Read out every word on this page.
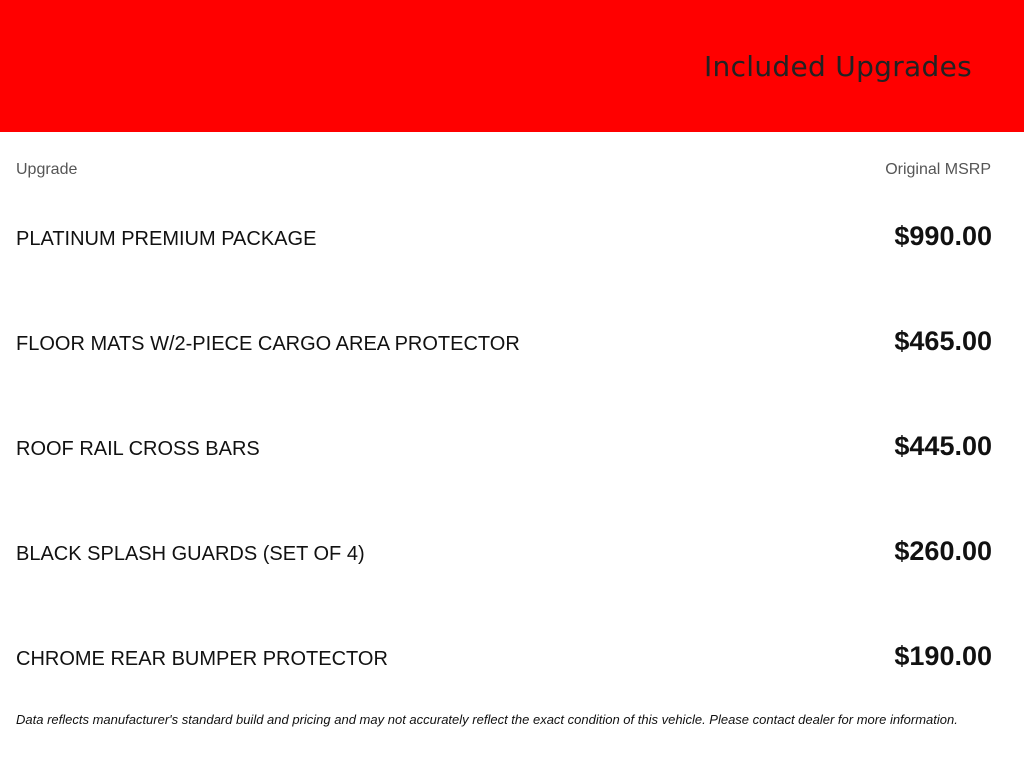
Included Upgrades
Upgrade	Original MSRP
PLATINUM PREMIUM PACKAGE	$990.00
FLOOR MATS W/2-PIECE CARGO AREA PROTECTOR	$465.00
ROOF RAIL CROSS BARS	$445.00
BLACK SPLASH GUARDS (SET OF 4)	$260.00
CHROME REAR BUMPER PROTECTOR	$190.00
Data reflects manufacturer's standard build and pricing and may not accurately reflect the exact condition of this vehicle. Please contact dealer for more information.
